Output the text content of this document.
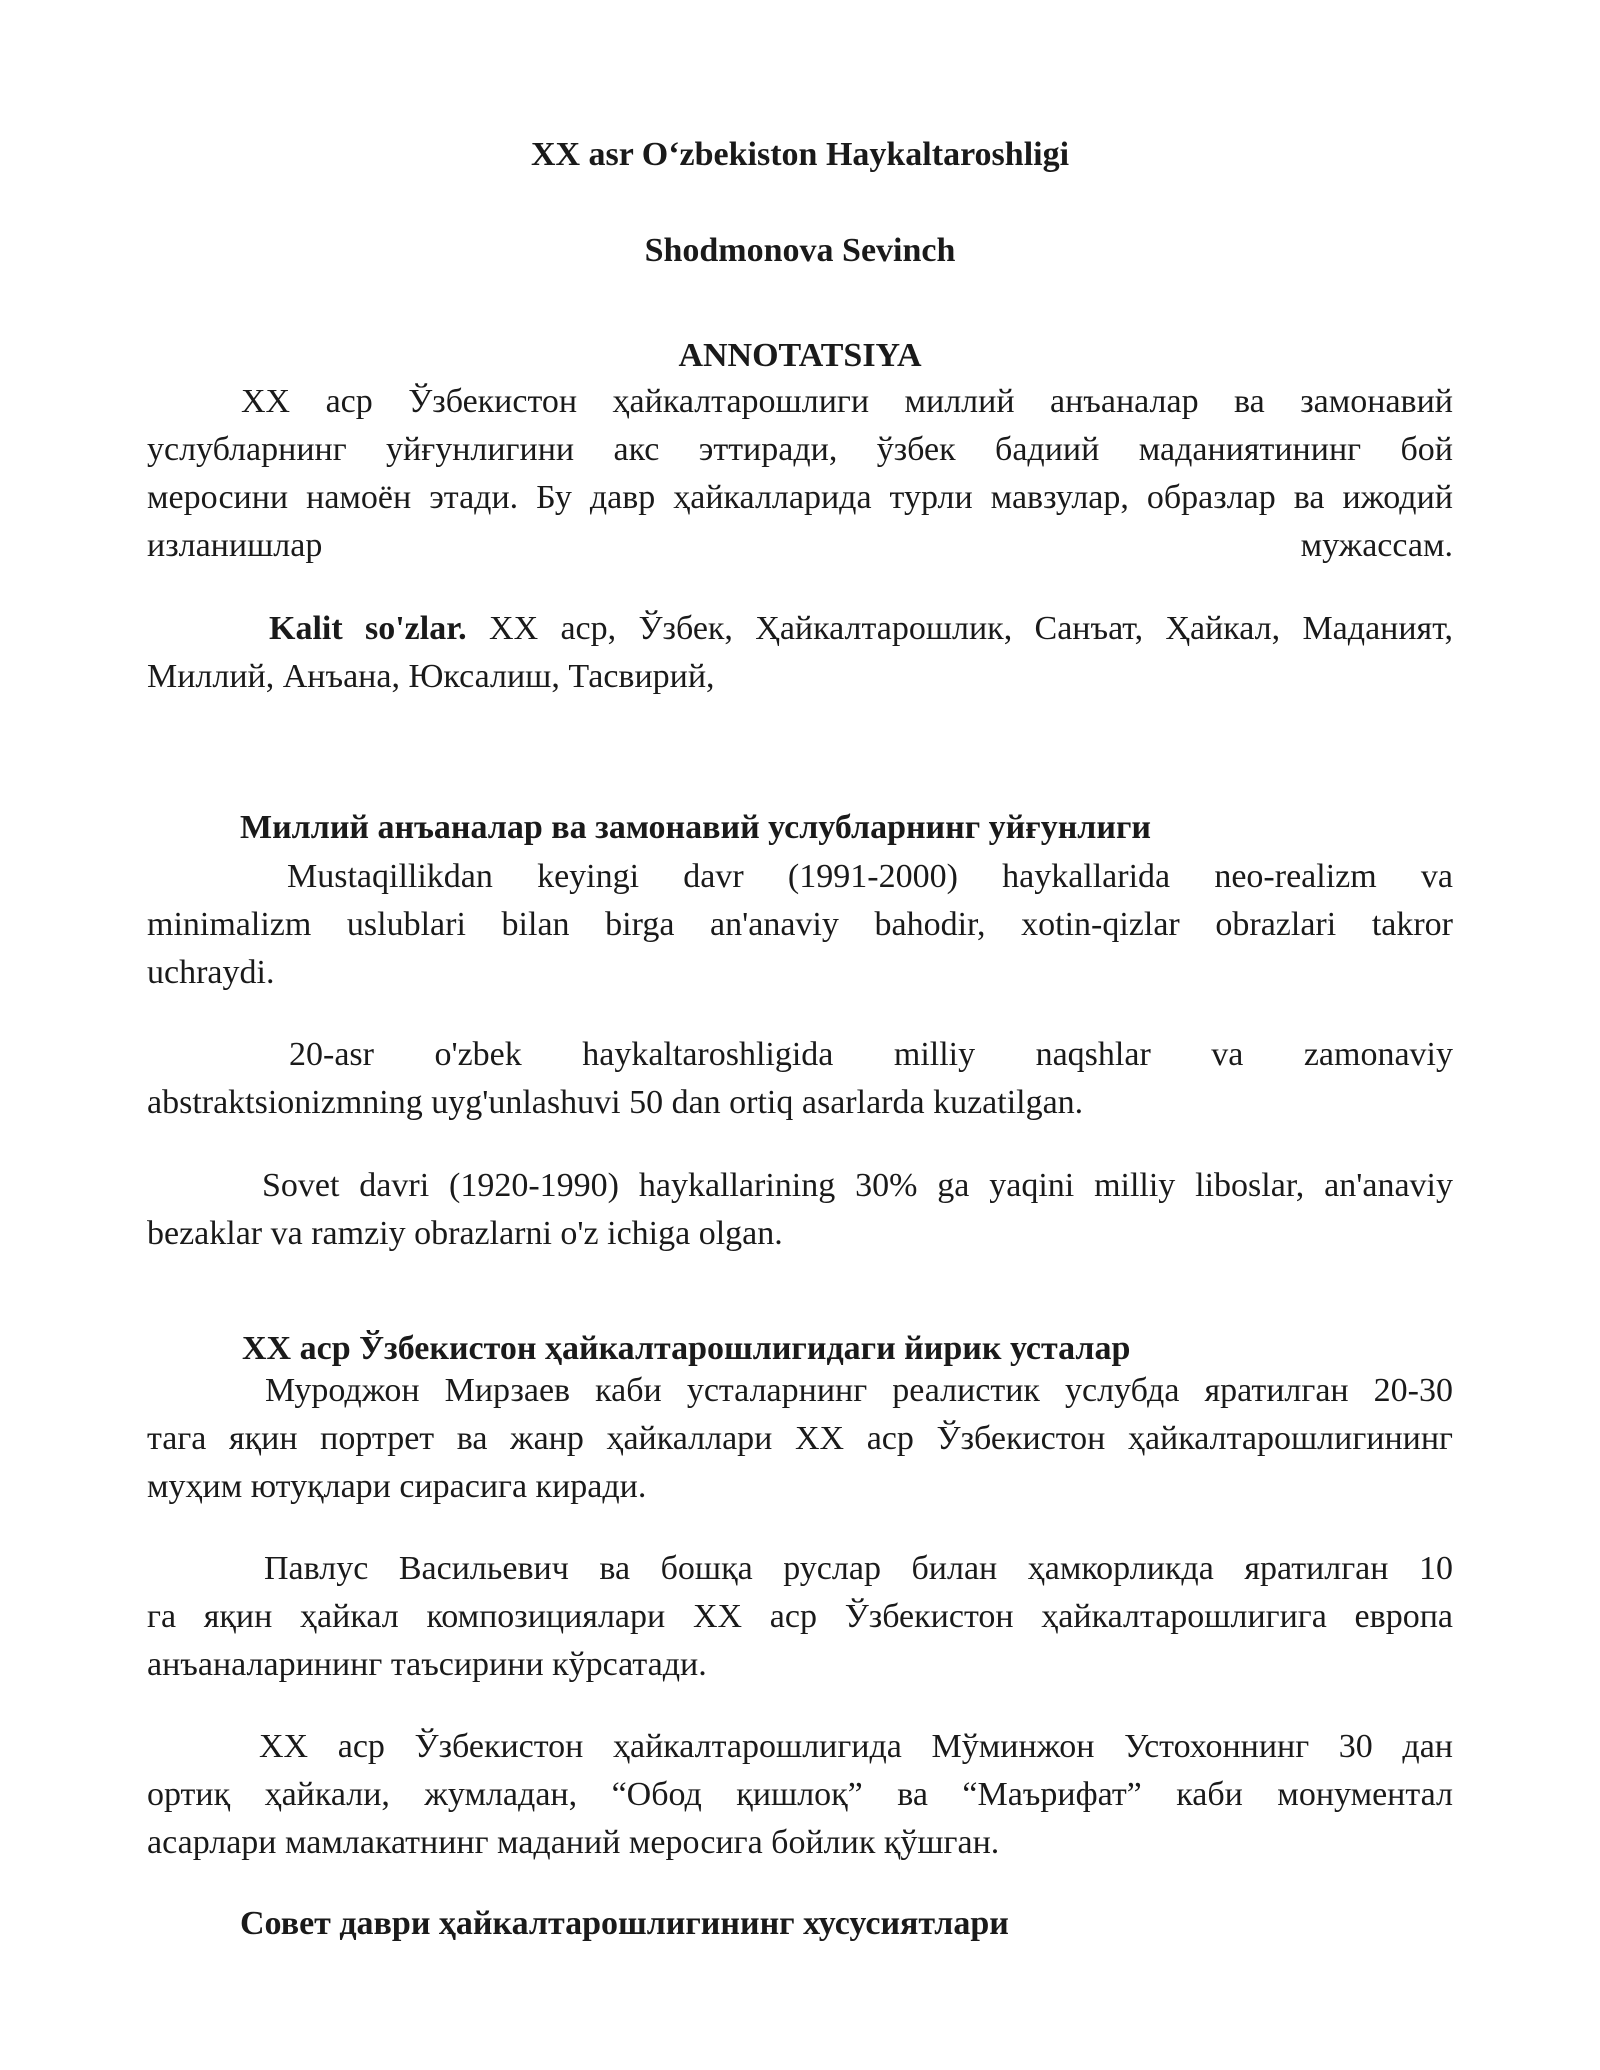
XX asr O‘zbekiston Haykaltaroshligi
Shodmonova Sevinch
ANNOTATSIYA
XX аср Ўзбекистон ҳайкалтарошлиги миллий анъаналар ва замонавий
услубларнинг уйғунлигини акс эттиради, ўзбек бадиий маданиятининг бой
меросини намоён этади. Бу давр ҳайкалларида турли мавзулар, образлар ва ижодий
изланишлар мужассам.
Kalit so'zlar. XX аср, Ўзбек, Ҳайкалтарошлик, Санъат, Ҳайкал, Маданият,
Миллий, Анъана, Юксалиш, Тасвирий,
Миллий анъаналар ва замонавий услубларнинг уйғунлиги
Mustaqillikdan keyingi davr (1991-2000) haykallarida neo-realizm va
minimalizm uslublari bilan birga an'anaviy bahodir, xotin-qizlar obrazlari takror
uchraydi.
20-asr o'zbek haykaltaroshligida milliy naqshlar va zamonaviy
abstraktsionizmning uyg'unlashuvi 50 dan ortiq asarlarda kuzatilgan.
Sovet davri (1920-1990) haykallarining 30% ga yaqini milliy liboslar, an'anaviy
bezaklar va ramziy obrazlarni o'z ichiga olgan.
XX аср Ўзбекистон ҳайкалтарошлигидаги йирик усталар
Муроджон Мирзаев каби усталарнинг реалистик услубда яратилган 20-30
тага яқин портрет ва жанр ҳайкаллари XX аср Ўзбекистон ҳайкалтарошлигининг
муҳим ютуқлари сирасига киради.
Павлус Васильевич ва бошқа руслар билан ҳамкорликда яратилган 10
га яқин ҳайкал композициялари XX аср Ўзбекистон ҳайкалтарошлигига европа
анъаналарининг таъсирини кўрсатади.
XX аср Ўзбекистон ҳайкалтарошлигида Мўминжон Устохоннинг 30 дан
ортиқ ҳайкали, жумладан, “Обод қишлоқ” ва “Маърифат” каби монументал
асарлари мамлакатнинг маданий меросига бойлик қўшган.
Совет даври ҳайкалтарошлигининг хусусиятлари
